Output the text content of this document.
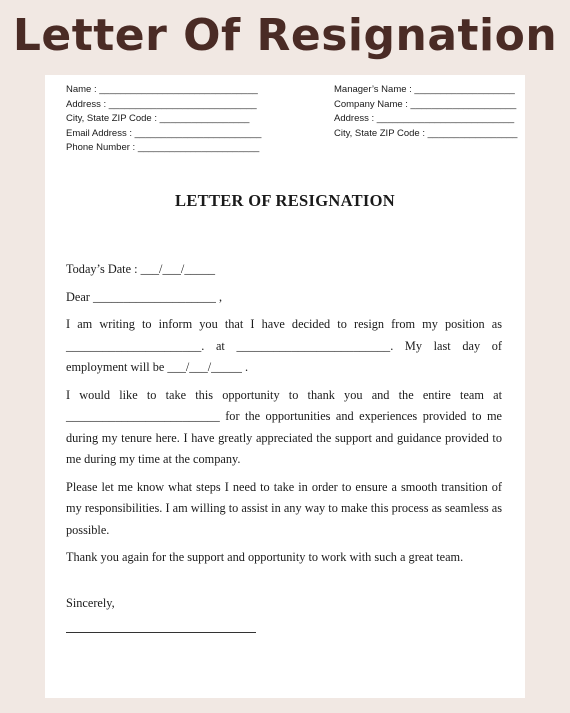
Letter Of Resignation
Name : ______________________________
Address : ____________________________
City, State ZIP Code : _________________
Email Address : ________________________
Phone Number : _______________________
Manager’s Name : ___________________
Company Name : ____________________
Address : __________________________
City, State ZIP Code : _________________
LETTER OF RESIGNATION

Today’s Date : ___/___/_____

Dear ____________________ ,

I am writing to inform you that I have decided to resign from my position as ______________________. at _________________________. My last day of employment will be ___/___/_____ .

I would like to take this opportunity to thank you and the entire team at _________________________ for the opportunities and experiences provided to me during my tenure here. I have greatly appreciated the support and guidance provided to me during my time at the company.

Please let me know what steps I need to take in order to ensure a smooth transition of my responsibilities. I am willing to assist in any way to make this process as seamless as possible.

Thank you again for the support and opportunity to work with such a great team.

Sincerely,
